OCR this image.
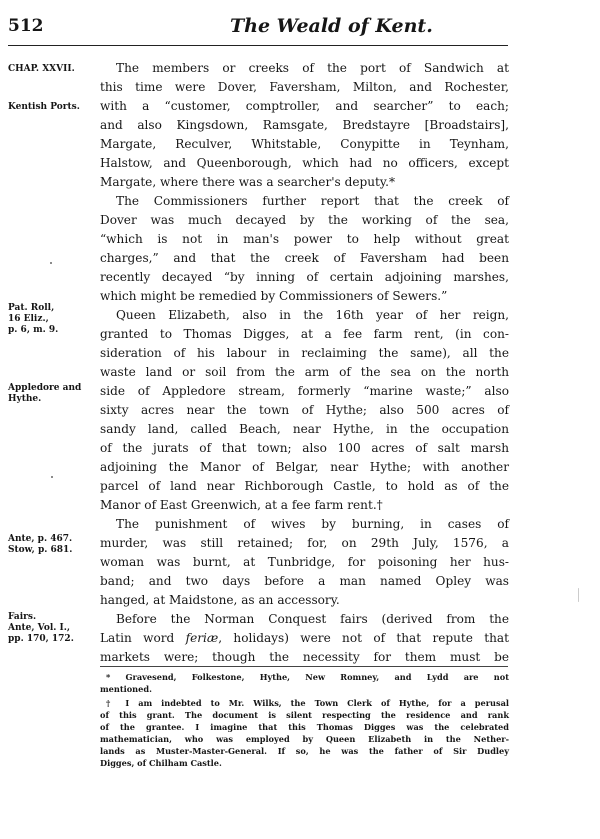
512	The Weald of Kent.
CHAP. XXVII.
Kentish Ports.
Pat. Roll,
16 Eliz.,
p. 6, m. 9.
Appledore and
Hythe.
Ante, p. 467.
Stow, p. 681.
Fairs.
Ante, Vol. I.,
pp. 170, 172.
The members or creeks of the port of Sandwich at
this time were Dover, Faversham, Milton, and Rochester,
with a “customer, comptroller, and searcher” to each;
and also Kingsdown, Ramsgate, Bredstayre [Broadstairs],
Margate, Reculver, Whitstable, Conypitte in Teynham,
Halstow, and Queenborough, which had no officers, except
Margate, where there was a searcher's deputy.*
The Commissioners further report that the creek of
Dover was much decayed by the working of the sea,
“which is not in man's power to help without great
charges,” and that the creek of Faversham had been
recently decayed “by inning of certain adjoining marshes,
which might be remedied by Commissioners of Sewers.”
Queen Elizabeth, also in the 16th year of her reign,
granted to Thomas Digges, at a fee farm rent, (in con-
sideration of his labour in reclaiming the same), all the
waste land or soil from the arm of the sea on the north
side of Appledore stream, formerly “marine waste;” also
sixty acres near the town of Hythe; also 500 acres of
sandy land, called Beach, near Hythe, in the occupation
of the jurats of that town; also 100 acres of salt marsh
adjoining the Manor of Belgar, near Hythe; with another
parcel of land near Richborough Castle, to hold as of the
Manor of East Greenwich, at a fee farm rent.†
The punishment of wives by burning, in cases of
murder, was still retained; for, on 29th July, 1576, a
woman was burnt, at Tunbridge, for poisoning her hus-
band; and two days before a man named Opley was
hanged, at Maidstone, as an accessory.
Before the Norman Conquest fairs (derived from the
Latin word feriæ, holidays) were not of that repute that
markets were; though the necessity for them must be
* Gravesend, Folkestone, Hythe, New Romney, and Lydd are not
mentioned.
† I am indebted to Mr. Wilks, the Town Clerk of Hythe, for a perusal
of this grant. The document is silent respecting the residence and rank
of the grantee. I imagine that this Thomas Digges was the celebrated
mathematician, who was employed by Queen Elizabeth in the Nether-
lands as Muster-Master-General. If so, he was the father of Sir Dudley
Digges, of Chilham Castle.
